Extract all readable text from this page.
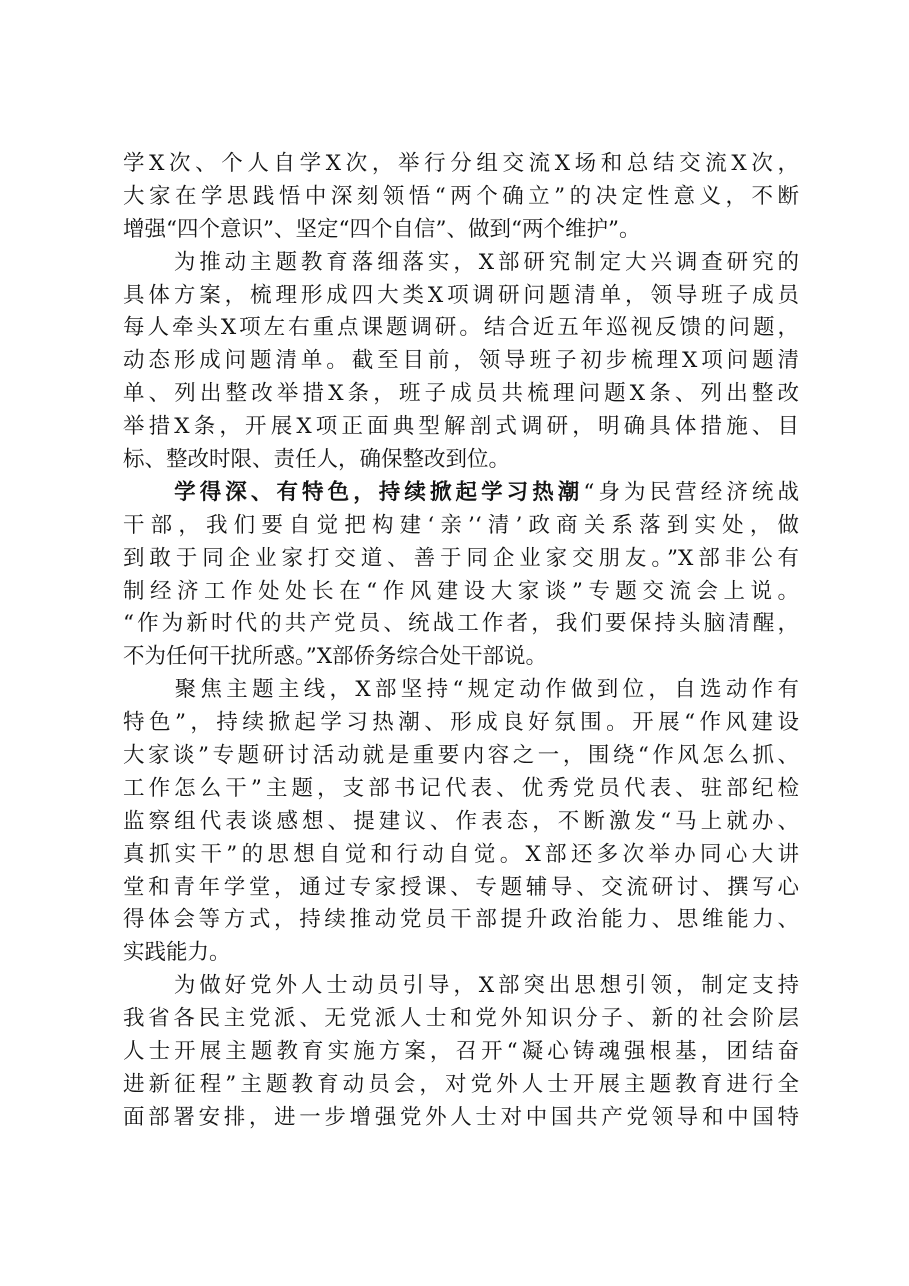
学X次、个人自学X次，举行分组交流X场和总结交流X次，
大家在学思践悟中深刻领悟“两个确立”的决定性意义，不断
增强“四个意识”、坚定“四个自信”、做到“两个维护”。
　　为推动主题教育落细落实，X部研究制定大兴调查研究的
具体方案，梳理形成四大类X项调研问题清单，领导班子成员
每人牵头X项左右重点课题调研。结合近五年巡视反馈的问题，
动态形成问题清单。截至目前，领导班子初步梳理X项问题清
单、列出整改举措X条，班子成员共梳理问题X条、列出整改
举措X条，开展X项正面典型解剖式调研，明确具体措施、目
标、整改时限、责任人，确保整改到位。
　　学得深、有特色，持续掀起学习热潮“身为民营经济统战
干部，我们要自觉把构建‘亲’‘清’政商关系落到实处，做
到敢于同企业家打交道、善于同企业家交朋友。”X部非公有
制经济工作处处长在“作风建设大家谈”专题交流会上说。
“作为新时代的共产党员、统战工作者，我们要保持头脑清醒，
不为任何干扰所惑。”X部侨务综合处干部说。
　　聚焦主题主线，X部坚持“规定动作做到位，自选动作有
特色”，持续掀起学习热潮、形成良好氛围。开展“作风建设
大家谈”专题研讨活动就是重要内容之一，围绕“作风怎么抓、
工作怎么干”主题，支部书记代表、优秀党员代表、驻部纪检
监察组代表谈感想、提建议、作表态，不断激发“马上就办、
真抓实干”的思想自觉和行动自觉。X部还多次举办同心大讲
堂和青年学堂，通过专家授课、专题辅导、交流研讨、撰写心
得体会等方式，持续推动党员干部提升政治能力、思维能力、
实践能力。
　　为做好党外人士动员引导，X部突出思想引领，制定支持
我省各民主党派、无党派人士和党外知识分子、新的社会阶层
人士开展主题教育实施方案，召开“凝心铸魂强根基，团结奋
进新征程”主题教育动员会，对党外人士开展主题教育进行全
面部署安排，进一步增强党外人士对中国共产党领导和中国特
